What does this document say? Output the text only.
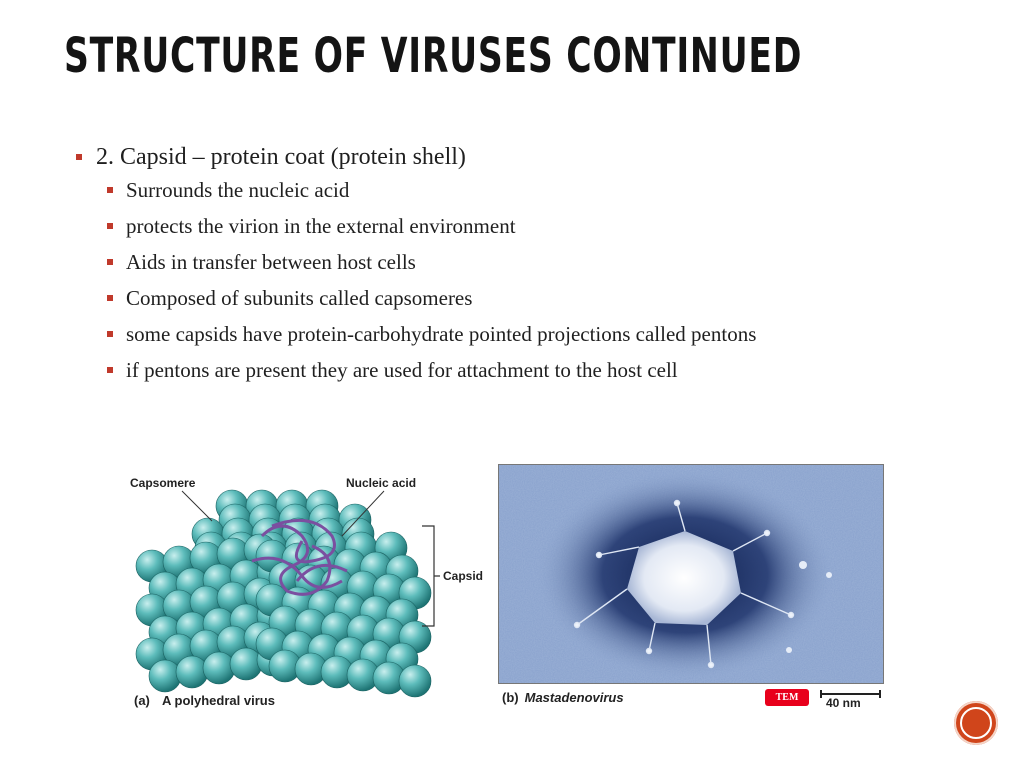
STRUCTURE OF VIRUSES CONTINUED
2. Capsid – protein coat (protein shell)
Surrounds the nucleic acid
protects the virion in the external environment
Aids in transfer between host cells
Composed of subunits called capsomeres
some capsids have protein-carbohydrate pointed projections called pentons
if pentons are present they are used for attachment to the host cell
Capsomere	Nucleic acid
Capsid
(a) A polyhedral virus	(b) Mastadenovirus	TEM	40 nm
